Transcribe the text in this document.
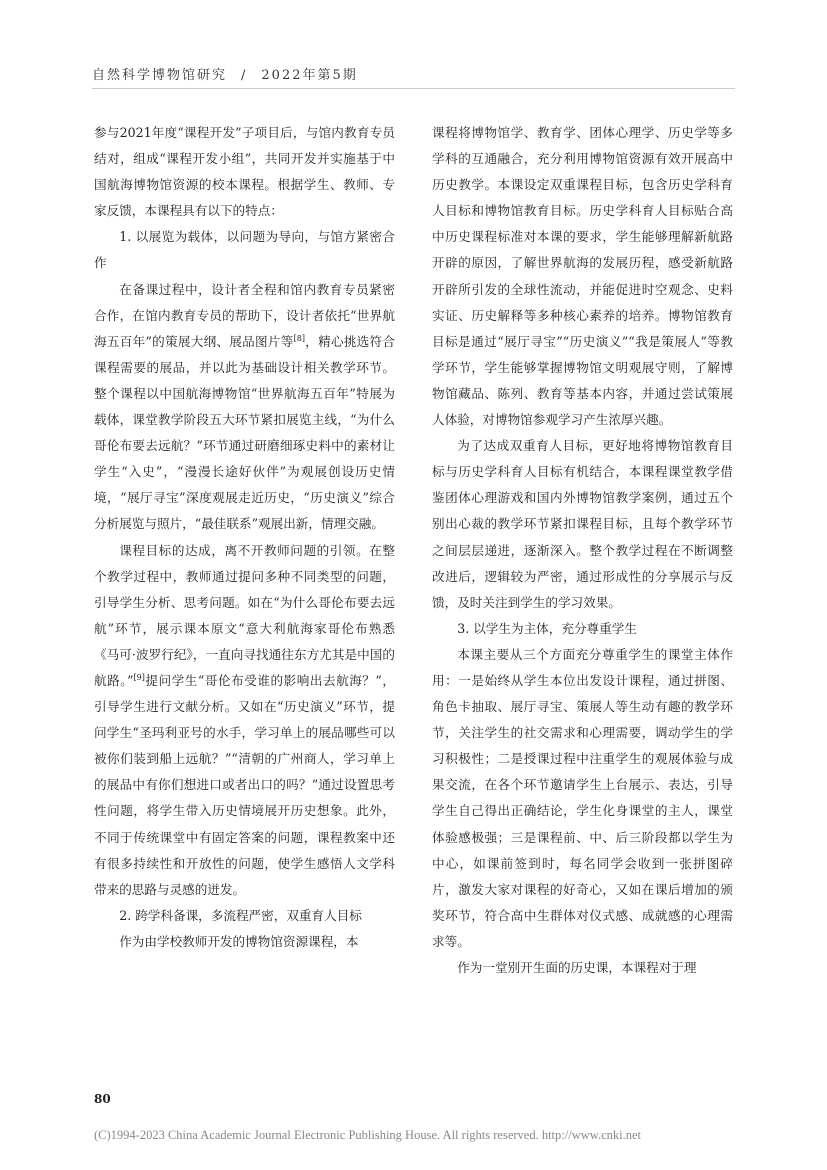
自然科学博物馆研究 / 2022年第5期

参与2021年度“课程开发”子项目后，与馆内教育专员结对，组成“课程开发小组”，共同开发并实施基于中国航海博物馆资源的校本课程。根据学生、教师、专家反馈，本课程具有以下的特点：

1. 以展览为载体，以问题为导向，与馆方紧密合作

在备课过程中，设计者全程和馆内教育专员紧密合作，在馆内教育专员的帮助下，设计者依托“世界航海五百年”的策展大纲、展品图片等[8]，精心挑选符合课程需要的展品，并以此为基础设计相关教学环节。整个课程以中国航海博物馆“世界航海五百年”特展为载体，课堂教学阶段五大环节紧扣展览主线，“为什么哥伦布要去远航？”环节通过研磨细琢史料中的素材让学生“入史”，“漫漫长途好伙伴”为观展创设历史情境，“展厅寻宝”深度观展走近历史，“历史演义”综合分析展览与照片，“最佳联系”观展出新，情理交融。

课程目标的达成，离不开教师问题的引领。在整个教学过程中，教师通过提问多种不同类型的问题，引导学生分析、思考问题。如在“为什么哥伦布要去远航”环节，展示课本原文“意大利航海家哥伦布熟悉《马可·波罗行纪》，一直向寻找通往东方尤其是中国的航路。”[9]提问学生“哥伦布受谁的影响出去航海？”，引导学生进行文献分析。又如在“历史演义”环节，提问学生“圣玛利亚号的水手，学习单上的展品哪些可以被你们装到船上远航？”“清朝的广州商人，学习单上的展品中有你们想进口或者出口的吗？”通过设置思考性问题，将学生带入历史情境展开历史想象。此外，不同于传统课堂中有固定答案的问题，课程教案中还有很多持续性和开放性的问题，使学生感悟人文学科带来的思路与灵感的迸发。

2. 跨学科备课，多流程严密，双重育人目标

作为由学校教师开发的博物馆资源课程，本

课程将博物馆学、教育学、团体心理学、历史学等多学科的互通融合，充分利用博物馆资源有效开展高中历史教学。本课设定双重课程目标，包含历史学科育人目标和博物馆教育目标。历史学科育人目标贴合高中历史课程标准对本课的要求，学生能够理解新航路开辟的原因，了解世界航海的发展历程，感受新航路开辟所引发的全球性流动，并能促进时空观念、史料实证、历史解释等多种核心素养的培养。博物馆教育目标是通过“展厅寻宝”“历史演义”“我是策展人”等教学环节，学生能够掌握博物馆文明观展守则，了解博物馆藏品、陈列、教育等基本内容，并通过尝试策展人体验，对博物馆参观学习产生浓厚兴趣。

为了达成双重育人目标，更好地将博物馆教育目标与历史学科育人目标有机结合，本课程课堂教学借鉴团体心理游戏和国内外博物馆教学案例，通过五个别出心裁的教学环节紧扣课程目标，且每个教学环节之间层层递进，逐渐深入。整个教学过程在不断调整改进后，逻辑较为严密，通过形成性的分享展示与反馈，及时关注到学生的学习效果。

3. 以学生为主体，充分尊重学生

本课主要从三个方面充分尊重学生的课堂主体作用：一是始终从学生本位出发设计课程，通过拼图、角色卡抽取、展厅寻宝、策展人等生动有趣的教学环节，关注学生的社交需求和心理需要，调动学生的学习积极性；二是授课过程中注重学生的观展体验与成果交流，在各个环节邀请学生上台展示、表达，引导学生自己得出正确结论，学生化身课堂的主人，课堂体验感极强；三是课程前、中、后三阶段都以学生为中心，如课前签到时，每名同学会收到一张拼图碎片，激发大家对课程的好奇心，又如在课后增加的颁奖环节，符合高中生群体对仪式感、成就感的心理需求等。

作为一堂别开生面的历史课，本课程对于理

80
(C)1994-2023 China Academic Journal Electronic Publishing House. All rights reserved. http://www.cnki.net
